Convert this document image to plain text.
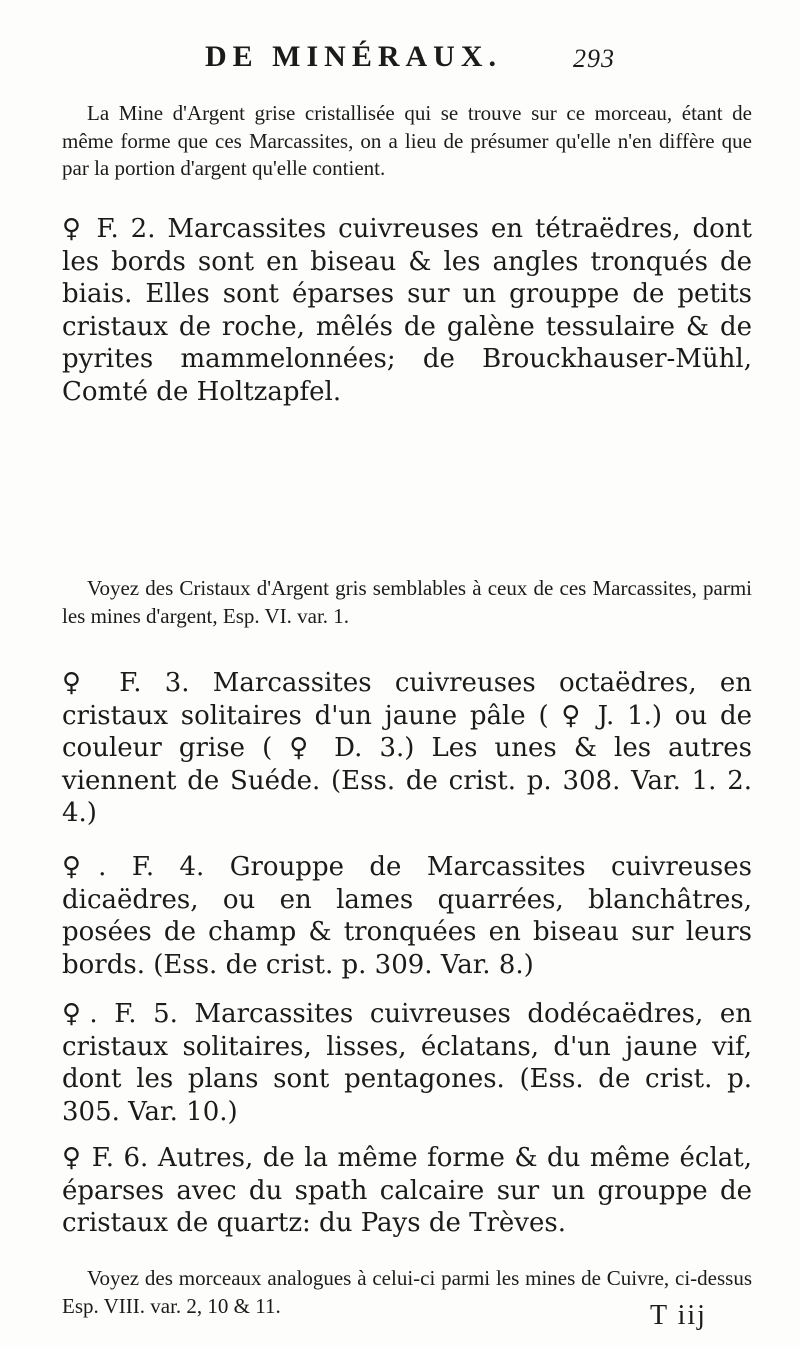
DE MINÉRAUX.	293

La Mine d'Argent grise cristallisée qui se trouve sur ce morceau, étant de même forme que ces Marcassites, on a lieu de présumer qu'elle n'en diffère que par la portion d'argent qu'elle contient.

♀ F. 2. Marcassites cuivreuses en tétraëdres, dont les bords sont en biseau & les angles tronqués de biais. Elles sont éparses sur un grouppe de petits cristaux de roche, mêlés de galène tessulaire & de pyrites mammelonnées; de Brouckhauser-Mühl, Comté de Holtzapfel.

Voyez des Cristaux d'Argent gris semblables à ceux de ces Marcassites, parmi les mines d'argent, Esp. VI. var. 1.

♀ F. 3. Marcassites cuivreuses octaëdres, en cristaux solitaires d'un jaune pâle ( ♀ J. 1.) ou de couleur grise ( ♀ D. 3.) Les unes & les autres viennent de Suéde. (Ess. de crist. p. 308. Var. 1. 2. 4.)

♀. F. 4. Grouppe de Marcassites cuivreuses dicaëdres, ou en lames quarrées, blanchâtres, posées de champ & tronquées en biseau sur leurs bords. (Ess. de crist. p. 309. Var. 8.)

♀. F. 5. Marcassites cuivreuses dodécaëdres, en cristaux solitaires, lisses, éclatans, d'un jaune vif, dont les plans sont pentagones. (Ess. de crist. p. 305. Var. 10.)

♀ F. 6. Autres, de la même forme & du même éclat, éparses avec du spath calcaire sur un grouppe de cristaux de quartz: du Pays de Trèves.

Voyez des morceaux analogues à celui-ci parmi les mines de Cuivre, ci-dessus Esp. VIII. var. 2, 10 & 11.	T iij
